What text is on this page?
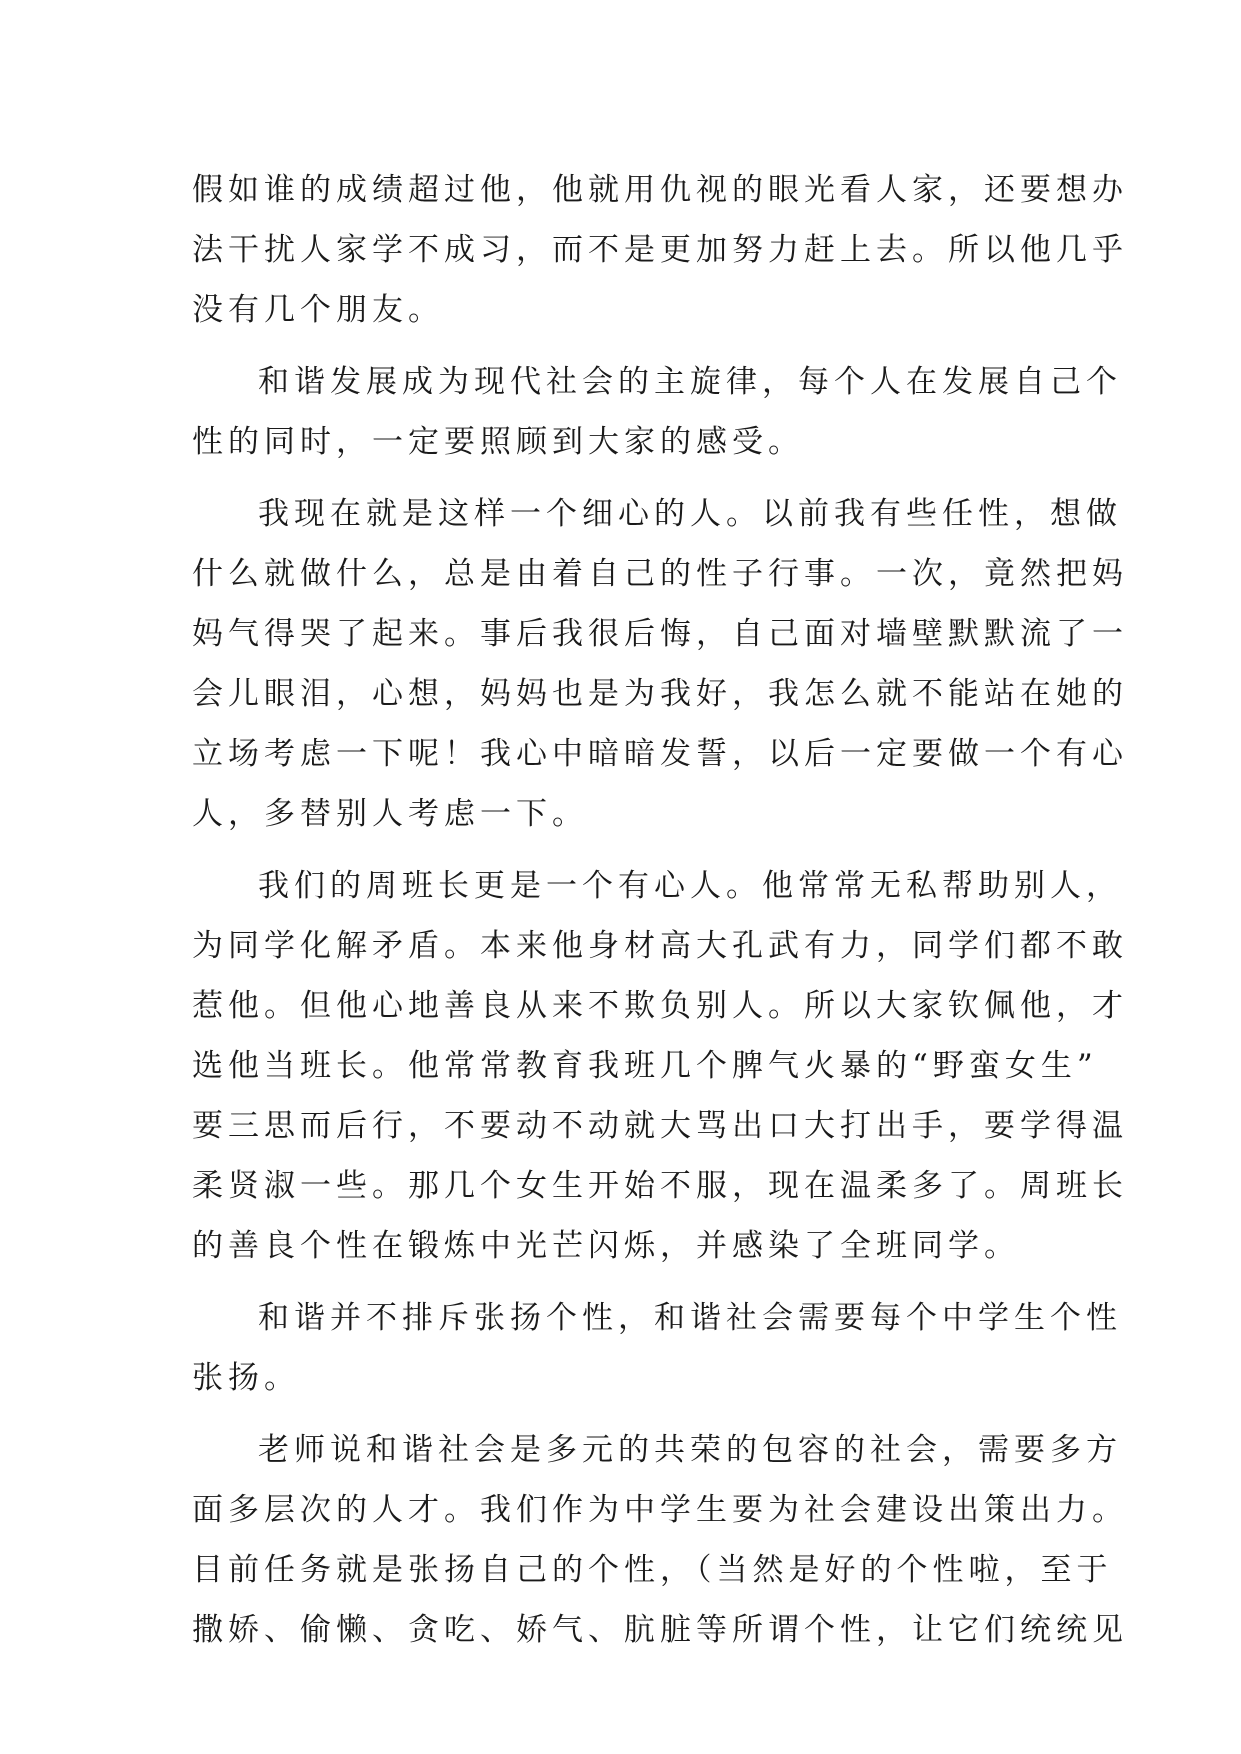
假如谁的成绩超过他，他就用仇视的眼光看人家，还要想办
法干扰人家学不成习，而不是更加努力赶上去。所以他几乎
没有几个朋友。
和谐发展成为现代社会的主旋律，每个人在发展自己个
性的同时，一定要照顾到大家的感受。
我现在就是这样一个细心的人。以前我有些任性，想做
什么就做什么，总是由着自己的性子行事。一次，竟然把妈
妈气得哭了起来。事后我很后悔，自己面对墙壁默默流了一
会儿眼泪，心想，妈妈也是为我好，我怎么就不能站在她的
立场考虑一下呢！我心中暗暗发誓，以后一定要做一个有心
人，多替别人考虑一下。
我们的周班长更是一个有心人。他常常无私帮助别人，
为同学化解矛盾。本来他身材高大孔武有力，同学们都不敢
惹他。但他心地善良从来不欺负别人。所以大家钦佩他，才
选他当班长。他常常教育我班几个脾气火暴的“野蛮女生”
要三思而后行，不要动不动就大骂出口大打出手，要学得温
柔贤淑一些。那几个女生开始不服，现在温柔多了。周班长
的善良个性在锻炼中光芒闪烁，并感染了全班同学。
和谐并不排斥张扬个性，和谐社会需要每个中学生个性
张扬。
老师说和谐社会是多元的共荣的包容的社会，需要多方
面多层次的人才。我们作为中学生要为社会建设出策出力。
目前任务就是张扬自己的个性，（当然是好的个性啦，至于
撒娇、偷懒、贪吃、娇气、肮脏等所谓个性，让它们统统见
